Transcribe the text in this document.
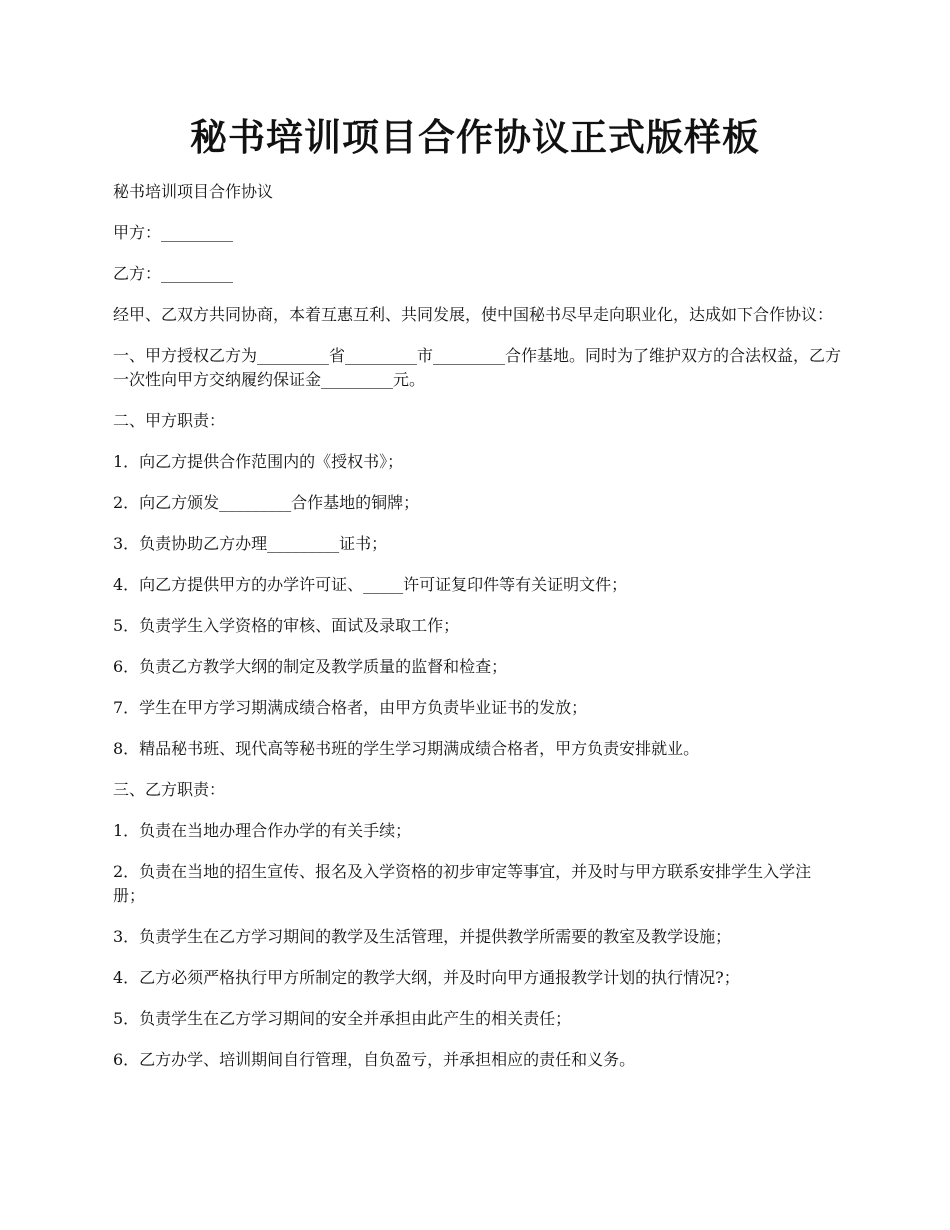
秘书培训项目合作协议正式版样板

秘书培训项目合作协议

甲方：_________

乙方：_________

经甲、乙双方共同协商，本着互惠互利、共同发展，使中国秘书尽早走向职业化，达成如下合作协议：

一、甲方授权乙方为_________省_________市_________合作基地。同时为了维护双方的合法权益，乙方一次性向甲方交纳履约保证金_________元。

二、甲方职责：

1．向乙方提供合作范围内的《授权书》；

2．向乙方颁发_________合作基地的铜牌；

3．负责协助乙方办理_________证书；

4．向乙方提供甲方的办学许可证、_____许可证复印件等有关证明文件；

5．负责学生入学资格的审核、面试及录取工作；

6．负责乙方教学大纲的制定及教学质量的监督和检查；

7．学生在甲方学习期满成绩合格者，由甲方负责毕业证书的发放；

8．精品秘书班、现代高等秘书班的学生学习期满成绩合格者，甲方负责安排就业。

三、乙方职责：

1．负责在当地办理合作办学的有关手续；

2．负责在当地的招生宣传、报名及入学资格的初步审定等事宜，并及时与甲方联系安排学生入学注册；

3．负责学生在乙方学习期间的教学及生活管理，并提供教学所需要的教室及教学设施；

4．乙方必须严格执行甲方所制定的教学大纲，并及时向甲方通报教学计划的执行情况?；

5．负责学生在乙方学习期间的安全并承担由此产生的相关责任；

6．乙方办学、培训期间自行管理，自负盈亏，并承担相应的责任和义务。
